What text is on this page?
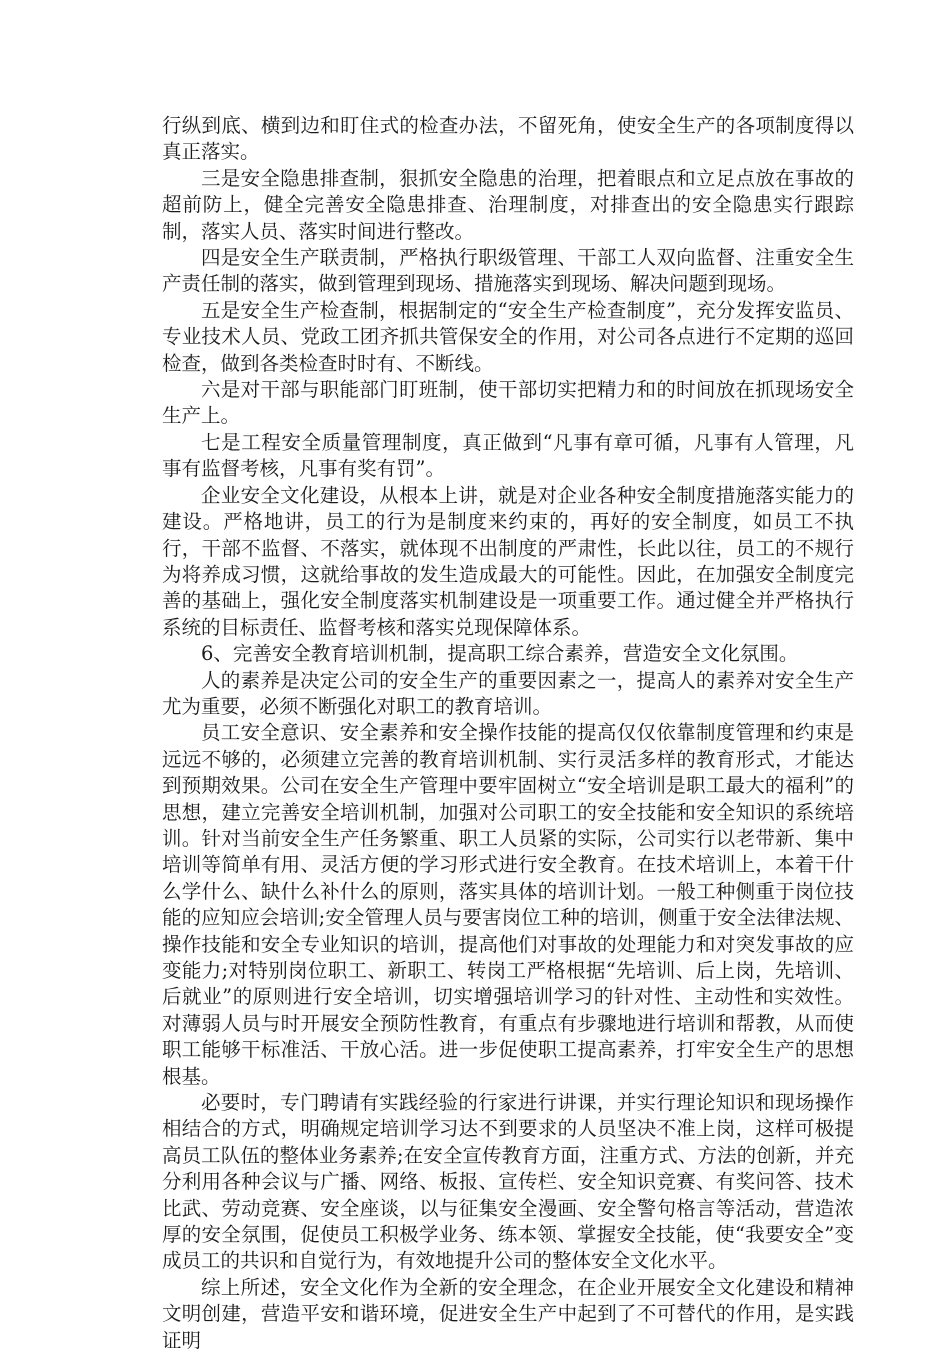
行纵到底、横到边和盯住式的检查办法，不留死角，使安全生产的各项制度得以真正落实。

三是安全隐患排查制，狠抓安全隐患的治理，把着眼点和立足点放在事故的超前防上，健全完善安全隐患排查、治理制度，对排查出的安全隐患实行跟踪制，落实人员、落实时间进行整改。

四是安全生产联责制，严格执行职级管理、干部工人双向监督、注重安全生产责任制的落实，做到管理到现场、措施落实到现场、解决问题到现场。

五是安全生产检查制，根据制定的“安全生产检查制度”，充分发挥安监员、专业技术人员、党政工团齐抓共管保安全的作用，对公司各点进行不定期的巡回检查，做到各类检查时时有、不断线。

六是对干部与职能部门盯班制，使干部切实把精力和的时间放在抓现场安全生产上。

七是工程安全质量管理制度，真正做到“凡事有章可循，凡事有人管理，凡事有监督考核，凡事有奖有罚”。

企业安全文化建设，从根本上讲，就是对企业各种安全制度措施落实能力的建设。严格地讲，员工的行为是制度来约束的，再好的安全制度，如员工不执行，干部不监督、不落实，就体现不出制度的严肃性，长此以往，员工的不规行为将养成习惯，这就给事故的发生造成最大的可能性。因此，在加强安全制度完善的基础上，强化安全制度落实机制建设是一项重要工作。通过健全并严格执行系统的目标责任、监督考核和落实兑现保障体系。

6、完善安全教育培训机制，提高职工综合素养，营造安全文化氛围。

人的素养是决定公司的安全生产的重要因素之一，提高人的素养对安全生产尤为重要，必须不断强化对职工的教育培训。

员工安全意识、安全素养和安全操作技能的提高仅仅依靠制度管理和约束是远远不够的，必须建立完善的教育培训机制、实行灵活多样的教育形式，才能达到预期效果。公司在安全生产管理中要牢固树立“安全培训是职工最大的福利”的思想，建立完善安全培训机制，加强对公司职工的安全技能和安全知识的系统培训。针对当前安全生产任务繁重、职工人员紧的实际，公司实行以老带新、集中培训等简单有用、灵活方便的学习形式进行安全教育。在技术培训上，本着干什么学什么、缺什么补什么的原则，落实具体的培训计划。一般工种侧重于岗位技能的应知应会培训;安全管理人员与要害岗位工种的培训，侧重于安全法律法规、操作技能和安全专业知识的培训，提高他们对事故的处理能力和对突发事故的应变能力;对特别岗位职工、新职工、转岗工严格根据“先培训、后上岗，先培训、后就业”的原则进行安全培训，切实增强培训学习的针对性、主动性和实效性。对薄弱人员与时开展安全预防性教育，有重点有步骤地进行培训和帮教，从而使职工能够干标准活、干放心活。进一步促使职工提高素养，打牢安全生产的思想根基。

必要时，专门聘请有实践经验的行家进行讲课，并实行理论知识和现场操作相结合的方式，明确规定培训学习达不到要求的人员坚决不准上岗，这样可极提高员工队伍的整体业务素养;在安全宣传教育方面，注重方式、方法的创新，并充分利用各种会议与广播、网络、板报、宣传栏、安全知识竞赛、有奖问答、技术比武、劳动竞赛、安全座谈，以与征集安全漫画、安全警句格言等活动，营造浓厚的安全氛围，促使员工积极学业务、练本领、掌握安全技能，使“我要安全”变成员工的共识和自觉行为，有效地提升公司的整体安全文化水平。

综上所述，安全文化作为全新的安全理念，在企业开展安全文化建设和精神文明创建，营造平安和谐环境，促进安全生产中起到了不可替代的作用，是实践证明
